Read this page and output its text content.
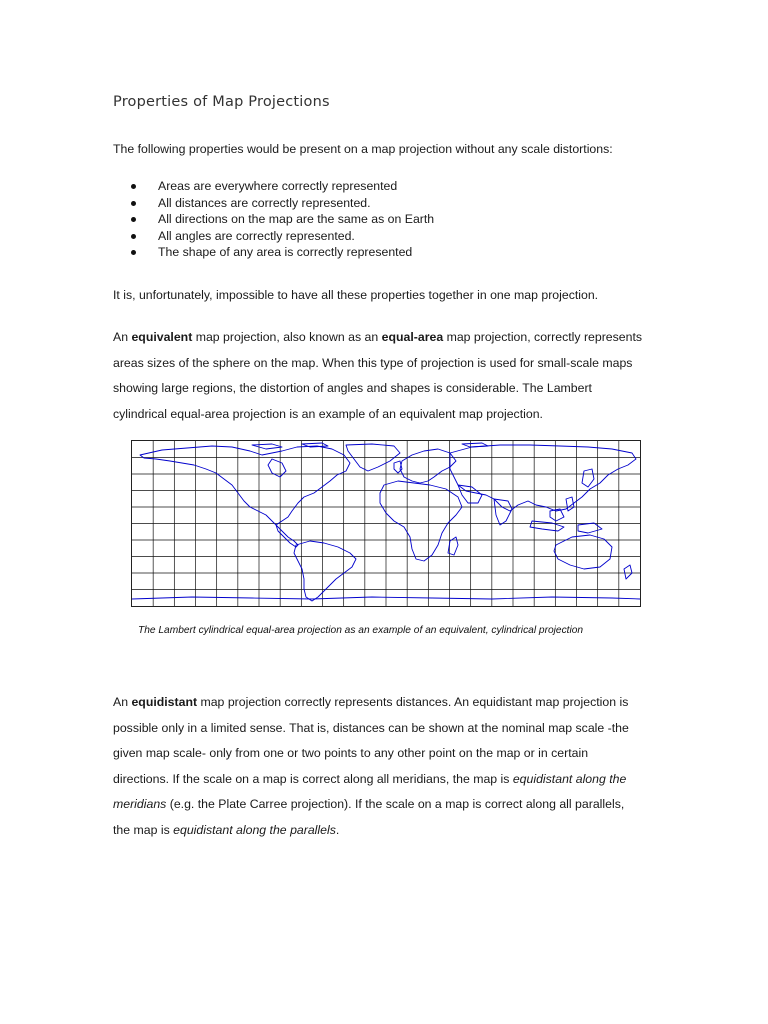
Properties of Map Projections
The following properties would be present on a map projection without any scale distortions:
Areas are everywhere correctly represented
All distances are correctly represented.
All directions on the map are the same as on Earth
All angles are correctly represented.
The shape of any area is correctly represented
It is, unfortunately, impossible to have all these properties together in one map projection.
An equivalent map projection, also known as an equal-area map projection, correctly represents
areas sizes of the sphere on the map. When this type of projection is used for small-scale maps
showing large regions, the distortion of angles and shapes is considerable. The Lambert
cylindrical equal-area projection is an example of an equivalent map projection.
The Lambert cylindrical equal-area projection as an example of an equivalent, cylindrical projection
An equidistant map projection correctly represents distances. An equidistant map projection is
possible only in a limited sense. That is, distances can be shown at the nominal map scale -the
given map scale- only from one or two points to any other point on the map or in certain
directions. If the scale on a map is correct along all meridians, the map is equidistant along the
meridians (e.g. the Plate Carree projection). If the scale on a map is correct along all parallels,
the map is equidistant along the parallels.
